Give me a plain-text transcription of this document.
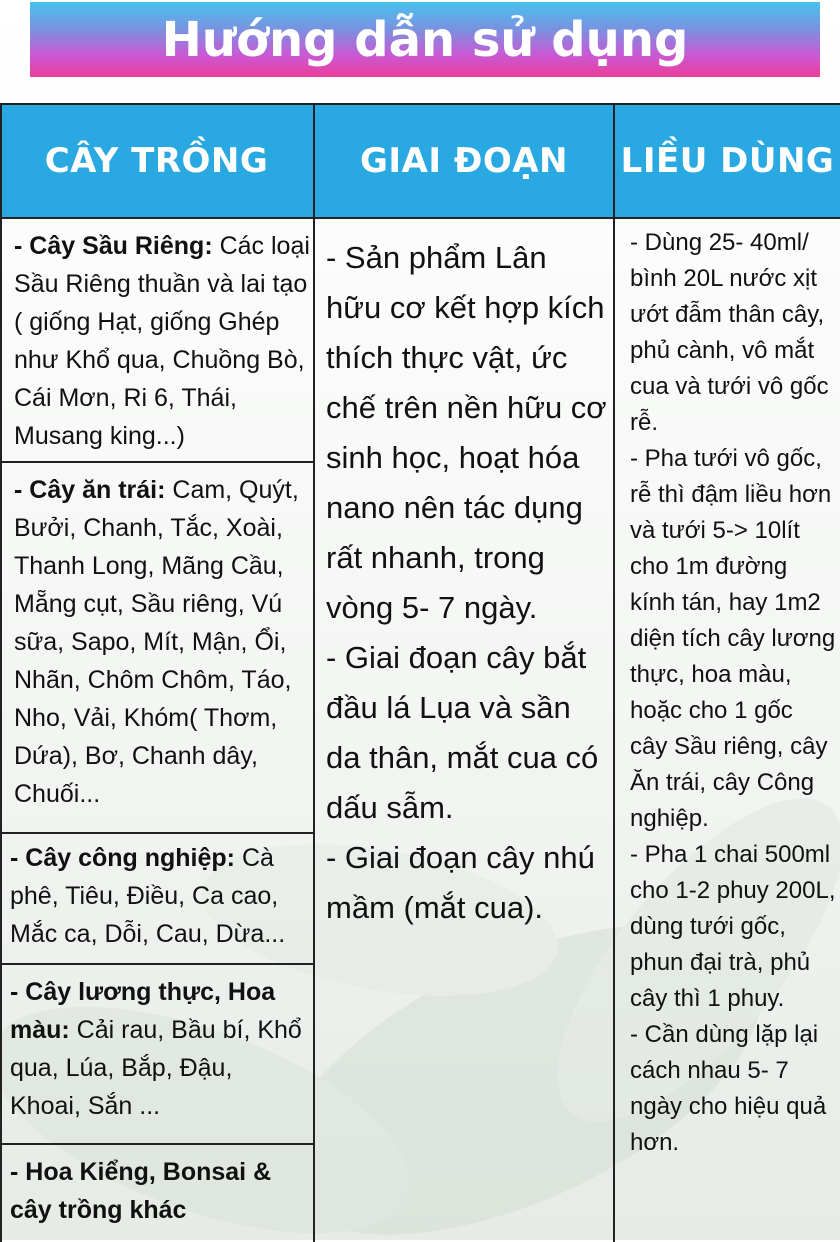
Hướng dẫn sử dụng
CÂY TRỒNG	GIAI ĐOẠN LIỀU DÙNG
- Cây Sầu Riêng: Các loại Sầu Riêng thuần và lai tạo ( giống Hạt, giống Ghép như Khổ qua, Chuồng Bò, Cái Mơn, Ri 6, Thái, Musang king...)
- Cây ăn trái: Cam, Quýt, Bưởi, Chanh, Tắc, Xoài, Thanh Long, Mãng Cầu, Mẵng cụt, Sầu riêng, Vú sữa, Sapo, Mít, Mận, Ổi, Nhãn, Chôm Chôm, Táo, Nho, Vải, Khóm( Thơm, Dứa), Bơ, Chanh dây, Chuối...
- Cây công nghiệp: Cà phê, Tiêu, Điều, Ca cao, Mắc ca, Dỗi, Cau, Dừa...
- Cây lương thực, Hoa màu: Cải rau, Bầu bí, Khổ qua, Lúa, Bắp, Đậu, Khoai, Sắn ...
- Hoa Kiểng, Bonsai & cây trồng khác
- Sản phẩm Lân hữu cơ kết hợp kích thích thực vật, ức chế trên nền hữu cơ sinh học, hoạt hóa nano nên tác dụng rất nhanh, trong vòng 5- 7 ngày.
- Giai đoạn cây bắt đầu lá Lụa và sần da thân, mắt cua có dấu sẫm.
- Giai đoạn cây nhú mầm (mắt cua).
- Dùng 25- 40ml/ bình 20L nước xịt ướt đẫm thân cây, phủ cành, vô mắt cua và tưới vô gốc rễ.
- Pha tưới vô gốc, rễ thì đậm liều hơn và tưới 5-> 10lít cho 1m đường kính tán, hay 1m2 diện tích cây lương thực, hoa màu, hoặc cho 1 gốc cây Sầu riêng, cây Ăn trái, cây Công nghiệp.
- Pha 1 chai 500ml cho 1-2 phuy 200L, dùng tưới gốc, phun đại trà, phủ cây thì 1 phuy.
- Cần dùng lặp lại cách nhau 5- 7 ngày cho hiệu quả hơn.
